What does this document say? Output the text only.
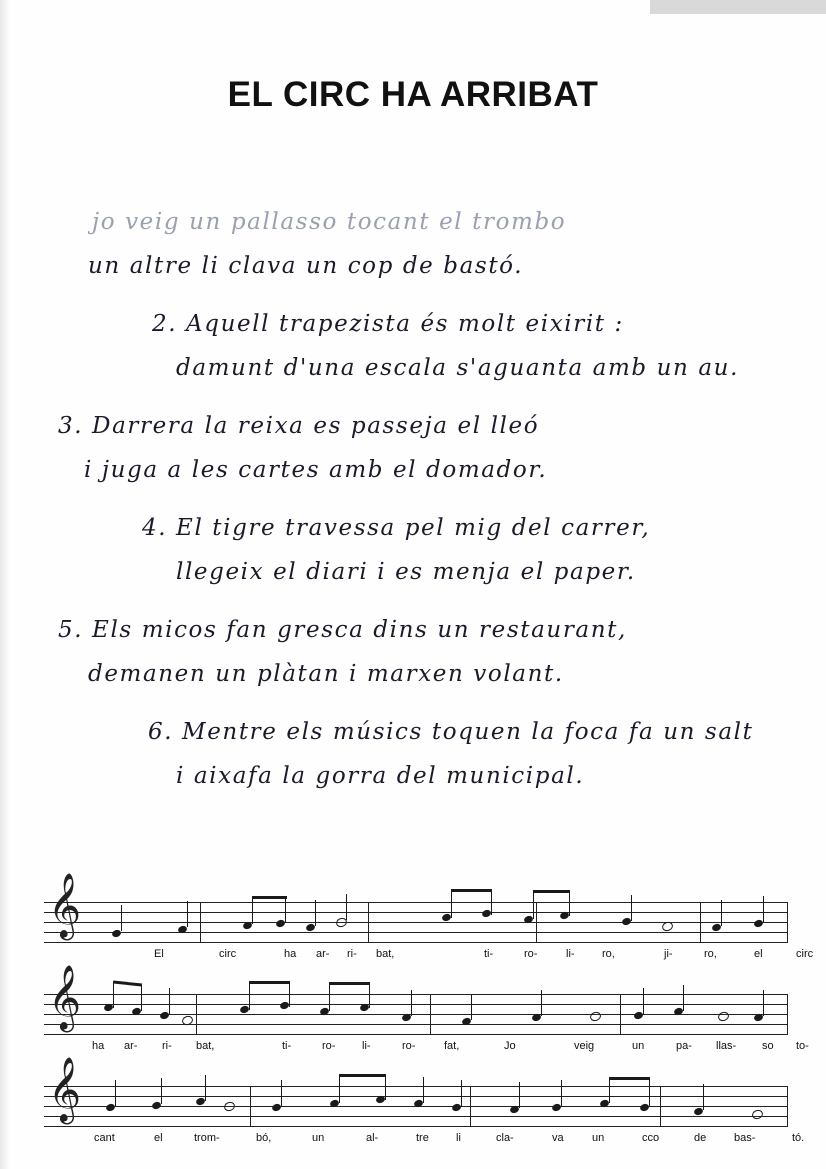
EL CIRC HA ARRIBAT
jo veig un pallasso tocant el trombo
un altre li clava un cop de bastó.
2. Aquell trapezista és molt eixirit :
damunt d'una escala s'aguanta amb un au.
3. Darrera la reixa es passeja el lleó
i juga a les cartes amb el domador.
4. El tigre travessa pel mig del carrer,
llegeix el diari i es menja el paper.
5. Els micos fan gresca dins un restaurant,
demanen un plàtan i marxen volant.
6. Mentre els músics toquen la foca fa un salt
i aixafa la gorra del municipal.
𝄞
El	circ	ha ar- ri- bat,	ti-	ro-	li- ro,	ji-	ro,	el	circ
𝄞
ha ar- ri- bat,	ti-	ro- li-	ro-	fat,	Jo	veig	un	pa- llas- so to-
𝄞
cant	el	trom-	bó,	un	al-	tre li	cla-	va	un	cco	de	bas-	tó.
